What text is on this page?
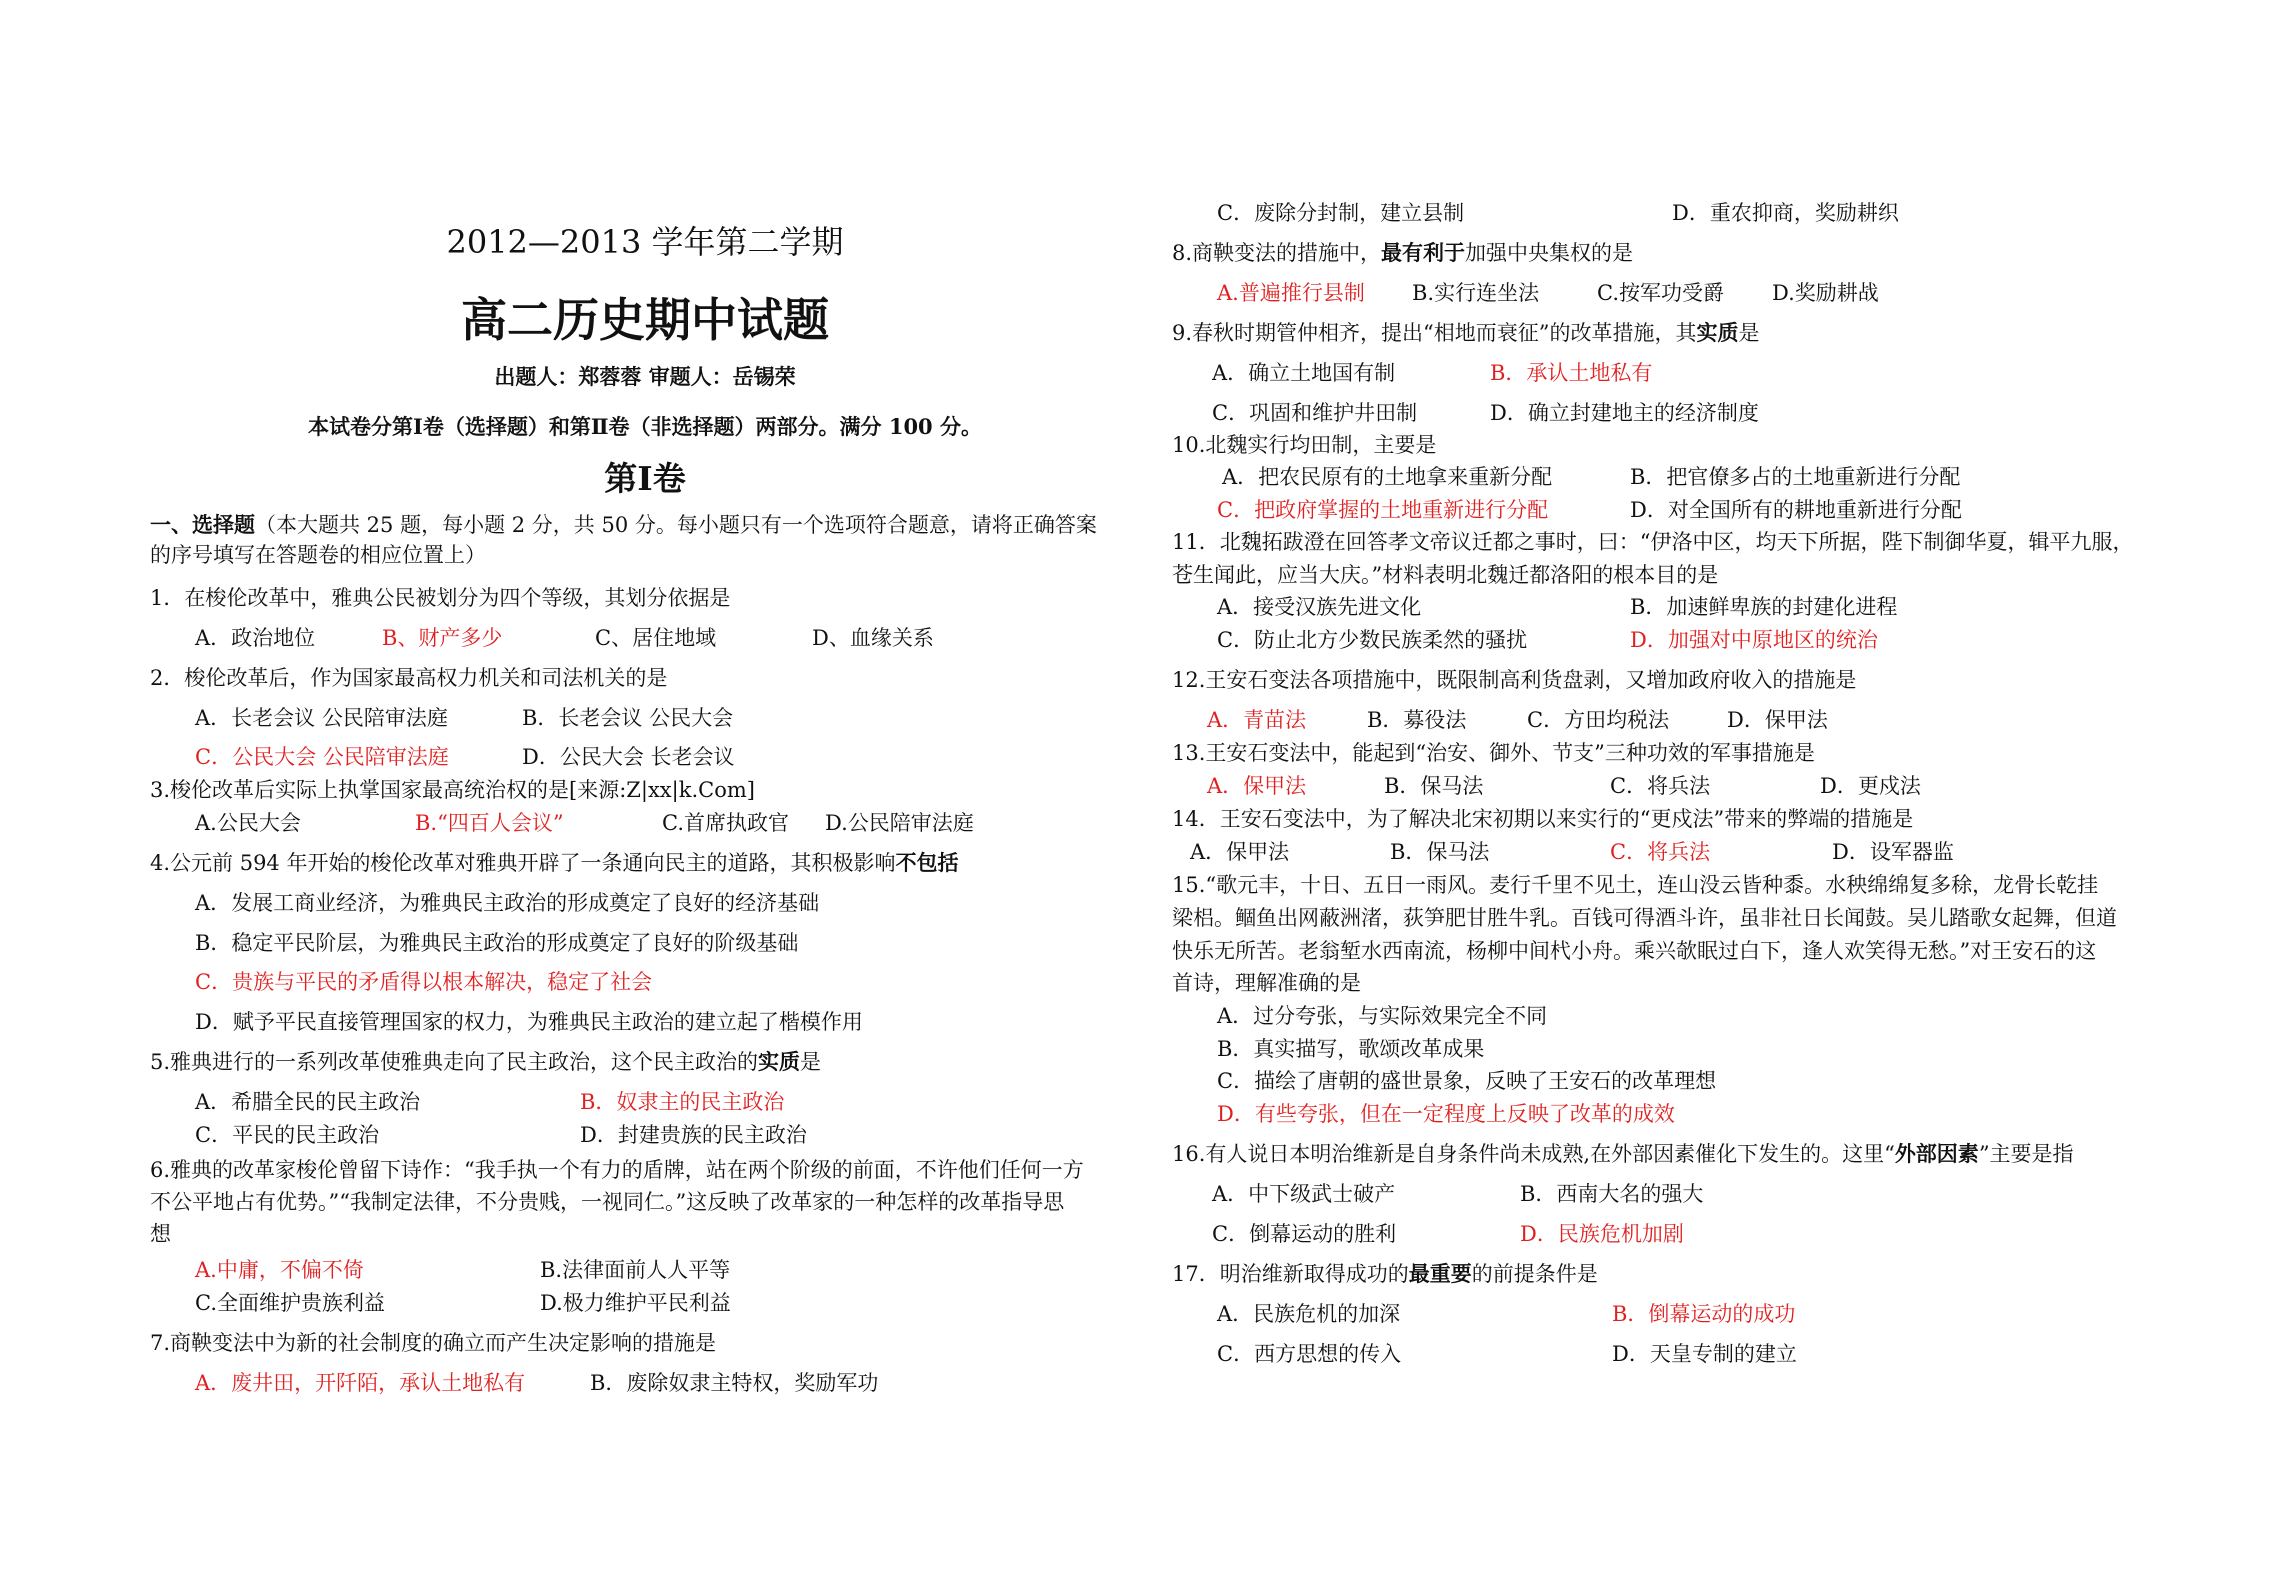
2012—2013 学年第二学期
高二历史期中试题
出题人：郑蓉蓉 审题人：岳锡荣
本试卷分第Ⅰ卷（选择题）和第Ⅱ卷（非选择题）两部分。满分 100 分。
第Ⅰ卷
一、选择题（本大题共 25 题，每小题 2 分，共 50 分。每小题只有一个选项符合题意，请将正确答案
的序号填写在答题卷的相应位置上）
1．在梭伦改革中，雅典公民被划分为四个等级，其划分依据是
A．政治地位	B、财产多少	C、居住地域	D、血缘关系
2．梭伦改革后，作为国家最高权力机关和司法机关的是
A．长老会议 公民陪审法庭	B．长老会议 公民大会
C．公民大会 公民陪审法庭	D．公民大会 长老会议
3.梭伦改革后实际上执掌国家最高统治权的是[来源:Z|xx|k.Com]
A.公民大会	B.“四百人会议”	C.首席执政官 D.公民陪审法庭
4.公元前 594 年开始的梭伦改革对雅典开辟了一条通向民主的道路，其积极影响不包括
A．发展工商业经济，为雅典民主政治的形成奠定了良好的经济基础
B．稳定平民阶层，为雅典民主政治的形成奠定了良好的阶级基础
C．贵族与平民的矛盾得以根本解决，稳定了社会
D．赋予平民直接管理国家的权力，为雅典民主政治的建立起了楷模作用
5.雅典进行的一系列改革使雅典走向了民主政治，这个民主政治的实质是
A．希腊全民的民主政治	B．奴隶主的民主政治
C．平民的民主政治	D．封建贵族的民主政治
6.雅典的改革家梭伦曾留下诗作：“我手执一个有力的盾牌，站在两个阶级的前面，不许他们任何一方
不公平地占有优势。”“我制定法律，不分贵贱，一视同仁。”这反映了改革家的一种怎样的改革指导思
想
A.中庸，不偏不倚	B.法律面前人人平等
C.全面维护贵族利益	D.极力维护平民利益
7.商鞅变法中为新的社会制度的确立而产生决定影响的措施是
A．废井田，开阡陌，承认土地私有	B．废除奴隶主特权，奖励军功
C．废除分封制，建立县制	D．重农抑商，奖励耕织
8.商鞅变法的措施中，最有利于加强中央集权的是
A.普遍推行县制 B.实行连坐法	C.按军功受爵 D.奖励耕战
9.春秋时期管仲相齐，提出“相地而衰征”的改革措施，其实质是
A．确立土地国有制	B．承认土地私有
C．巩固和维护井田制	D．确立封建地主的经济制度
10.北魏实行均田制，主要是
A．把农民原有的土地拿来重新分配	B．把官僚多占的土地重新进行分配
C．把政府掌握的土地重新进行分配	D．对全国所有的耕地重新进行分配
11．北魏拓跋澄在回答孝文帝议迁都之事时，曰：“伊洛中区，均天下所据，陛下制御华夏，辑平九服，
苍生闻此，应当大庆。”材料表明北魏迁都洛阳的根本目的是
A．接受汉族先进文化	B．加速鲜卑族的封建化进程
C．防止北方少数民族柔然的骚扰	D．加强对中原地区的统治
12.王安石变法各项措施中，既限制高利货盘剥，又增加政府收入的措施是
A．青苗法	B．募役法	C．方田均税法	D．保甲法
13.王安石变法中，能起到“治安、御外、节支”三种功效的军事措施是
A．保甲法	B．保马法	C．将兵法	D．更戍法
14．王安石变法中，为了解决北宋初期以来实行的“更戍法”带来的弊端的措施是
A．保甲法	B．保马法	C．将兵法	D．设军器监
15.“歌元丰，十日、五日一雨风。麦行千里不见土，连山没云皆种黍。水秧绵绵复多稌，龙骨长乾挂
梁梠。鲴鱼出网蔽洲渚，荻笋肥甘胜牛乳。百钱可得酒斗许，虽非社日长闻鼓。吴儿踏歌女起舞，但道
快乐无所苦。老翁堑水西南流，杨柳中间杙小舟。乘兴欹眠过白下，逢人欢笑得无愁。”对王安石的这
首诗，理解准确的是
A．过分夸张，与实际效果完全不同
B．真实描写，歌颂改革成果
C．描绘了唐朝的盛世景象，反映了王安石的改革理想
D．有些夸张，但在一定程度上反映了改革的成效
16.有人说日本明治维新是自身条件尚未成熟,在外部因素催化下发生的。这里“外部因素”主要是指
A．中下级武士破产	B．西南大名的强大
C．倒幕运动的胜利	D．民族危机加剧
17．明治维新取得成功的最重要的前提条件是
A．民族危机的加深	B．倒幕运动的成功
C．西方思想的传入	D．天皇专制的建立
